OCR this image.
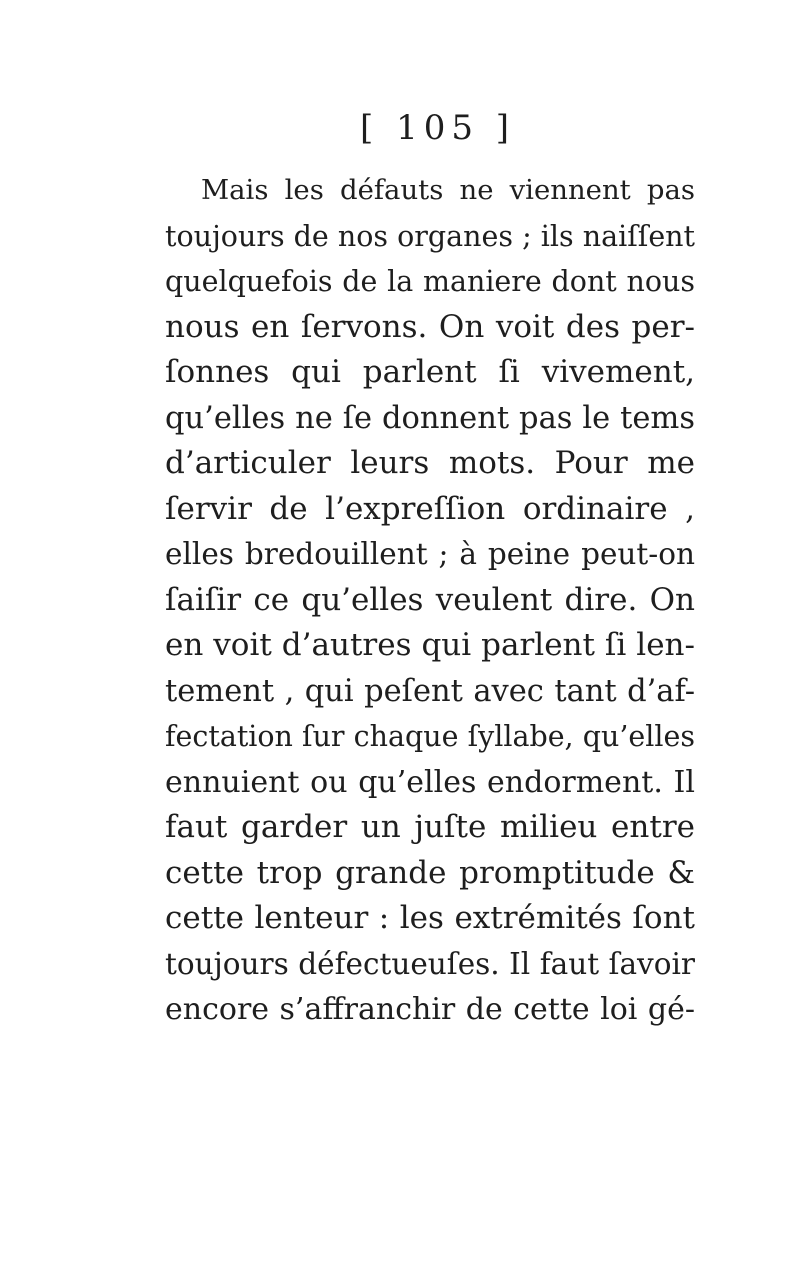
[ 105 ]
Mais les défauts ne viennent pas
toujours de nos organes ; ils naiſſent
quelquefois de la maniere dont nous
nous en ſervons. On voit des per-
ſonnes qui parlent ſi vivement,
qu’elles ne ſe donnent pas le tems
d’articuler leurs mots. Pour me
ſervir de l’expreſſion ordinaire ,
elles bredouillent ; à peine peut-on
ſaiſir ce qu’elles veulent dire. On
en voit d’autres qui parlent ſi len-
tement , qui peſent avec tant d’af-
fectation ſur chaque ſyllabe, qu’elles
ennuient ou qu’elles endorment. Il
faut garder un juſte milieu entre
cette trop grande promptitude &
cette lenteur : les extrémités ſont
toujours défectueuſes. Il faut ſavoir
encore s’affranchir de cette loi gé-
